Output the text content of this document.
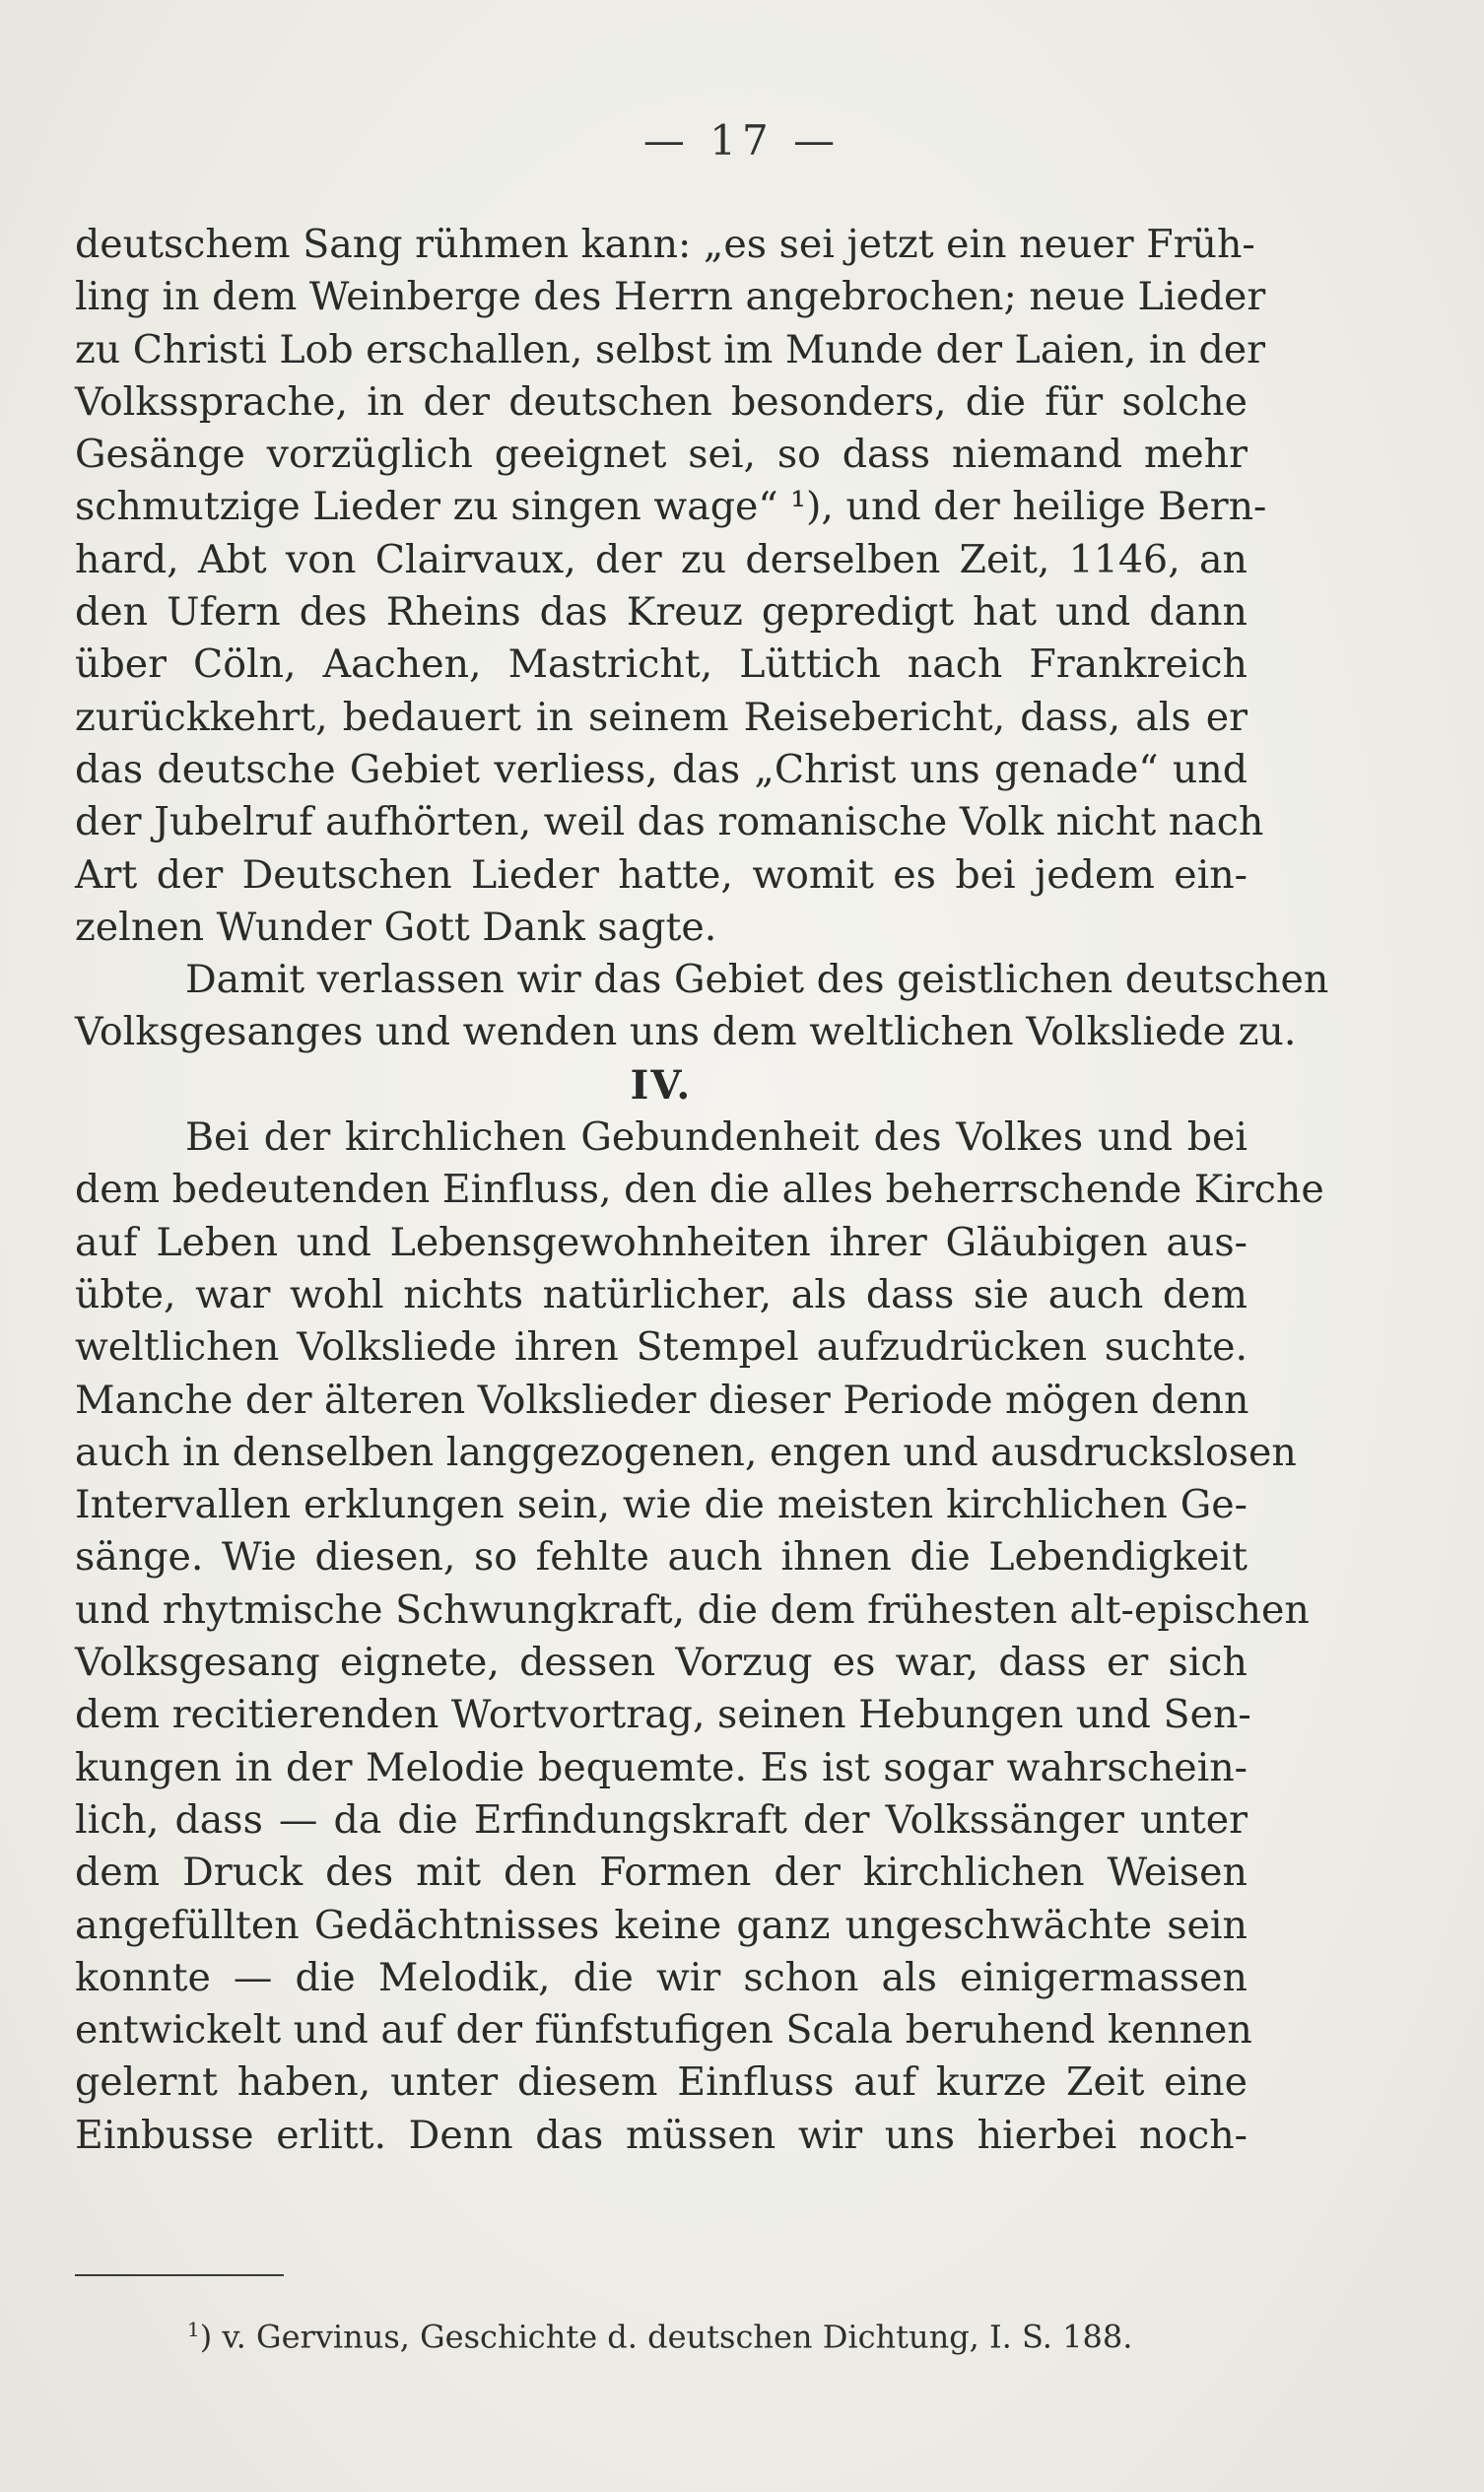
— 17 —
deutschem Sang rühmen kann: „es sei jetzt ein neuer Früh-
ling in dem Weinberge des Herrn angebrochen; neue Lieder
zu Christi Lob erschallen, selbst im Munde der Laien, in der
Volkssprache, in der deutschen besonders, die für solche
Gesänge vorzüglich geeignet sei, so dass niemand mehr
schmutzige Lieder zu singen wage“ ¹), und der heilige Bern-
hard, Abt von Clairvaux, der zu derselben Zeit, 1146, an
den Ufern des Rheins das Kreuz gepredigt hat und dann
über Cöln, Aachen, Mastricht, Lüttich nach Frankreich
zurückkehrt, bedauert in seinem Reisebericht, dass, als er
das deutsche Gebiet verliess, das „Christ uns genade“ und
der Jubelruf aufhörten, weil das romanische Volk nicht nach
Art der Deutschen Lieder hatte, womit es bei jedem ein-
zelnen Wunder Gott Dank sagte.
Damit verlassen wir das Gebiet des geistlichen deutschen
Volksgesanges und wenden uns dem weltlichen Volksliede zu.
IV.
Bei der kirchlichen Gebundenheit des Volkes und bei
dem bedeutenden Einfluss, den die alles beherrschende Kirche
auf Leben und Lebensgewohnheiten ihrer Gläubigen aus-
übte, war wohl nichts natürlicher, als dass sie auch dem
weltlichen Volksliede ihren Stempel aufzudrücken suchte.
Manche der älteren Volkslieder dieser Periode mögen denn
auch in denselben langgezogenen, engen und ausdruckslosen
Intervallen erklungen sein, wie die meisten kirchlichen Ge-
sänge. Wie diesen, so fehlte auch ihnen die Lebendigkeit
und rhytmische Schwungkraft, die dem frühesten alt-epischen
Volksgesang eignete, dessen Vorzug es war, dass er sich
dem recitierenden Wortvortrag, seinen Hebungen und Sen-
kungen in der Melodie bequemte. Es ist sogar wahrschein-
lich, dass — da die Erfindungskraft der Volkssänger unter
dem Druck des mit den Formen der kirchlichen Weisen
angefüllten Gedächtnisses keine ganz ungeschwächte sein
konnte — die Melodik, die wir schon als einigermassen
entwickelt und auf der fünfstufigen Scala beruhend kennen
gelernt haben, unter diesem Einfluss auf kurze Zeit eine
Einbusse erlitt. Denn das müssen wir uns hierbei noch-
$^1$) v. Gervinus, Geschichte d. deutschen Dichtung, I. S. 188.
